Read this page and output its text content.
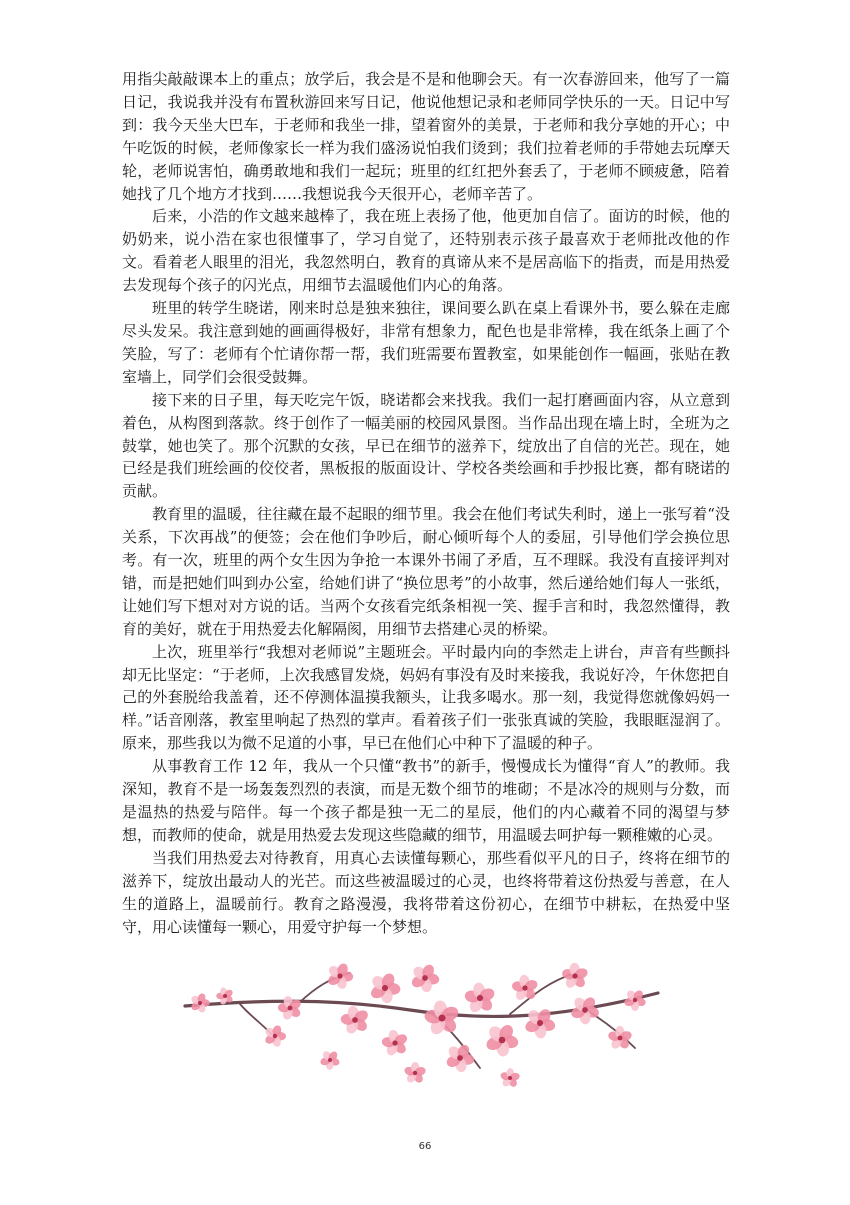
用指尖敲敲课本上的重点；放学后，我会是不是和他聊会天。有一次春游回来，他写了一篇日记，我说我并没有布置秋游回来写日记，他说他想记录和老师同学快乐的一天。日记中写到：我今天坐大巴车，于老师和我坐一排，望着窗外的美景，于老师和我分享她的开心；中午吃饭的时候，老师像家长一样为我们盛汤说怕我们烫到；我们拉着老师的手带她去玩摩天轮，老师说害怕，确勇敢地和我们一起玩；班里的红红把外套丢了，于老师不顾疲惫，陪着她找了几个地方才找到……我想说我今天很开心，老师辛苦了。

后来，小浩的作文越来越棒了，我在班上表扬了他，他更加自信了。面访的时候，他的奶奶来，说小浩在家也很懂事了，学习自觉了，还特别表示孩子最喜欢于老师批改他的作文。看着老人眼里的泪光，我忽然明白，教育的真谛从来不是居高临下的指责，而是用热爱去发现每个孩子的闪光点，用细节去温暖他们内心的角落。

班里的转学生晓诺，刚来时总是独来独往，课间要么趴在桌上看课外书，要么躲在走廊尽头发呆。我注意到她的画画得极好，非常有想象力，配色也是非常棒，我在纸条上画了个笑脸，写了：老师有个忙请你帮一帮，我们班需要布置教室，如果能创作一幅画，张贴在教室墙上，同学们会很受鼓舞。

接下来的日子里，每天吃完午饭，晓诺都会来找我。我们一起打磨画面内容，从立意到着色，从构图到落款。终于创作了一幅美丽的校园风景图。当作品出现在墙上时，全班为之鼓掌，她也笑了。那个沉默的女孩，早已在细节的滋养下，绽放出了自信的光芒。现在，她已经是我们班绘画的佼佼者，黑板报的版面设计、学校各类绘画和手抄报比赛，都有晓诺的贡献。

教育里的温暖，往往藏在最不起眼的细节里。我会在他们考试失利时，递上一张写着“没关系，下次再战”的便签；会在他们争吵后，耐心倾听每个人的委屈，引导他们学会换位思考。有一次，班里的两个女生因为争抢一本课外书闹了矛盾，互不理睬。我没有直接评判对错，而是把她们叫到办公室，给她们讲了“换位思考”的小故事，然后递给她们每人一张纸，让她们写下想对对方说的话。当两个女孩看完纸条相视一笑、握手言和时，我忽然懂得，教育的美好，就在于用热爱去化解隔阂，用细节去搭建心灵的桥梁。

上次，班里举行“我想对老师说”主题班会。平时最内向的李然走上讲台，声音有些颤抖却无比坚定：“于老师，上次我感冒发烧，妈妈有事没有及时来接我，我说好冷，午休您把自己的外套脱给我盖着，还不停测体温摸我额头，让我多喝水。那一刻，我觉得您就像妈妈一样。”话音刚落，教室里响起了热烈的掌声。看着孩子们一张张真诚的笑脸，我眼眶湿润了。原来，那些我以为微不足道的小事，早已在他们心中种下了温暖的种子。

从事教育工作 12 年，我从一个只懂“教书”的新手，慢慢成长为懂得“育人”的教师。我深知，教育不是一场轰轰烈烈的表演，而是无数个细节的堆砌；不是冰冷的规则与分数，而是温热的热爱与陪伴。每一个孩子都是独一无二的星辰，他们的内心藏着不同的渴望与梦想，而教师的使命，就是用热爱去发现这些隐藏的细节，用温暖去呵护每一颗稚嫩的心灵。

当我们用热爱去对待教育，用真心去读懂每颗心，那些看似平凡的日子，终将在细节的滋养下，绽放出最动人的光芒。而这些被温暖过的心灵，也终将带着这份热爱与善意，在人生的道路上，温暖前行。教育之路漫漫，我将带着这份初心，在细节中耕耘，在热爱中坚守，用心读懂每一颗心，用爱守护每一个梦想。

66
